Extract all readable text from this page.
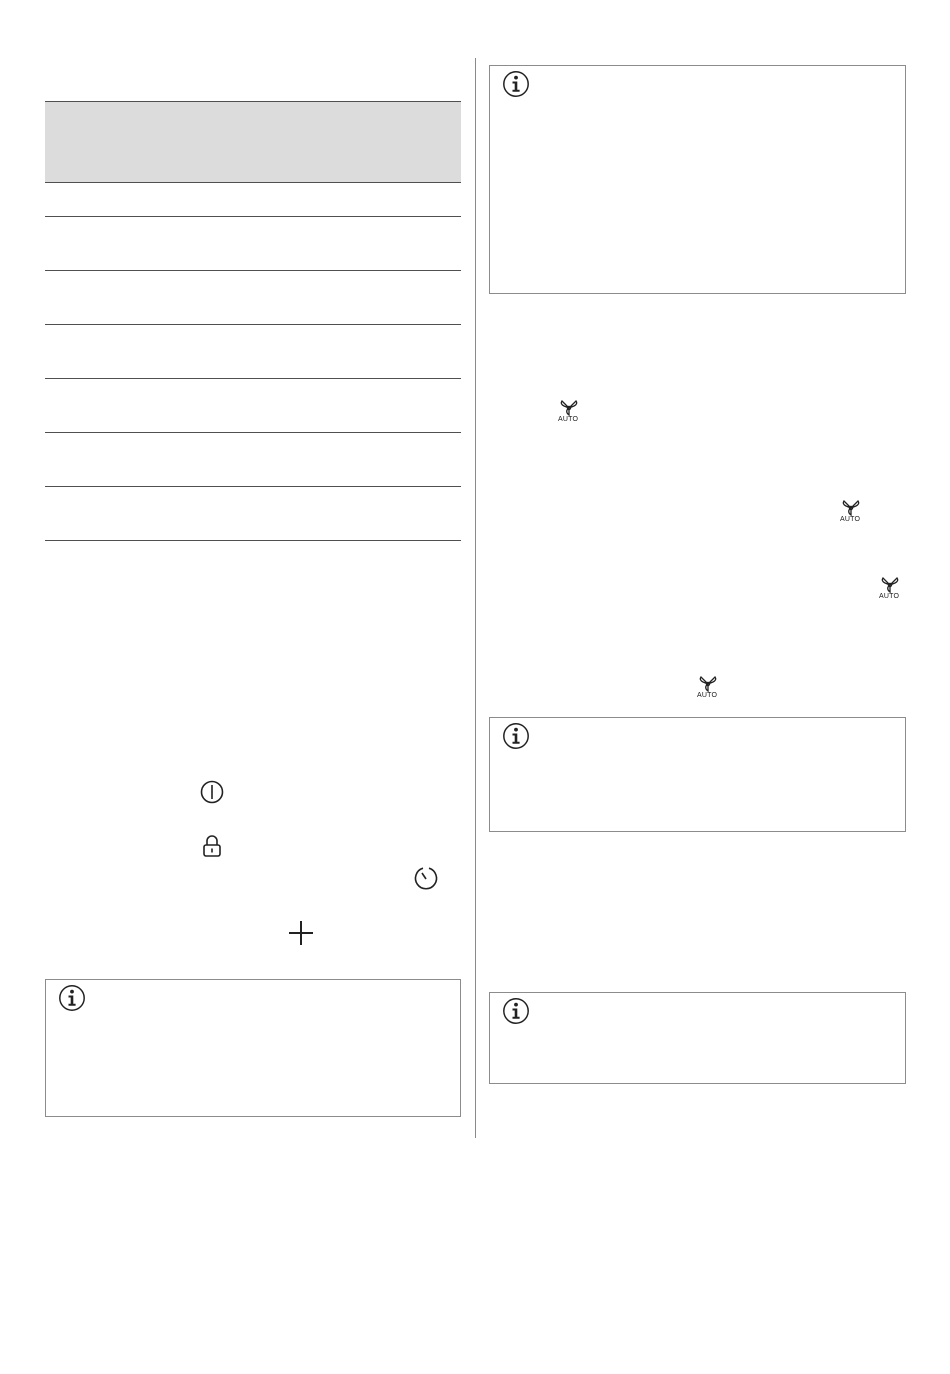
AUTO
AUTO
AUTO
AUTO
